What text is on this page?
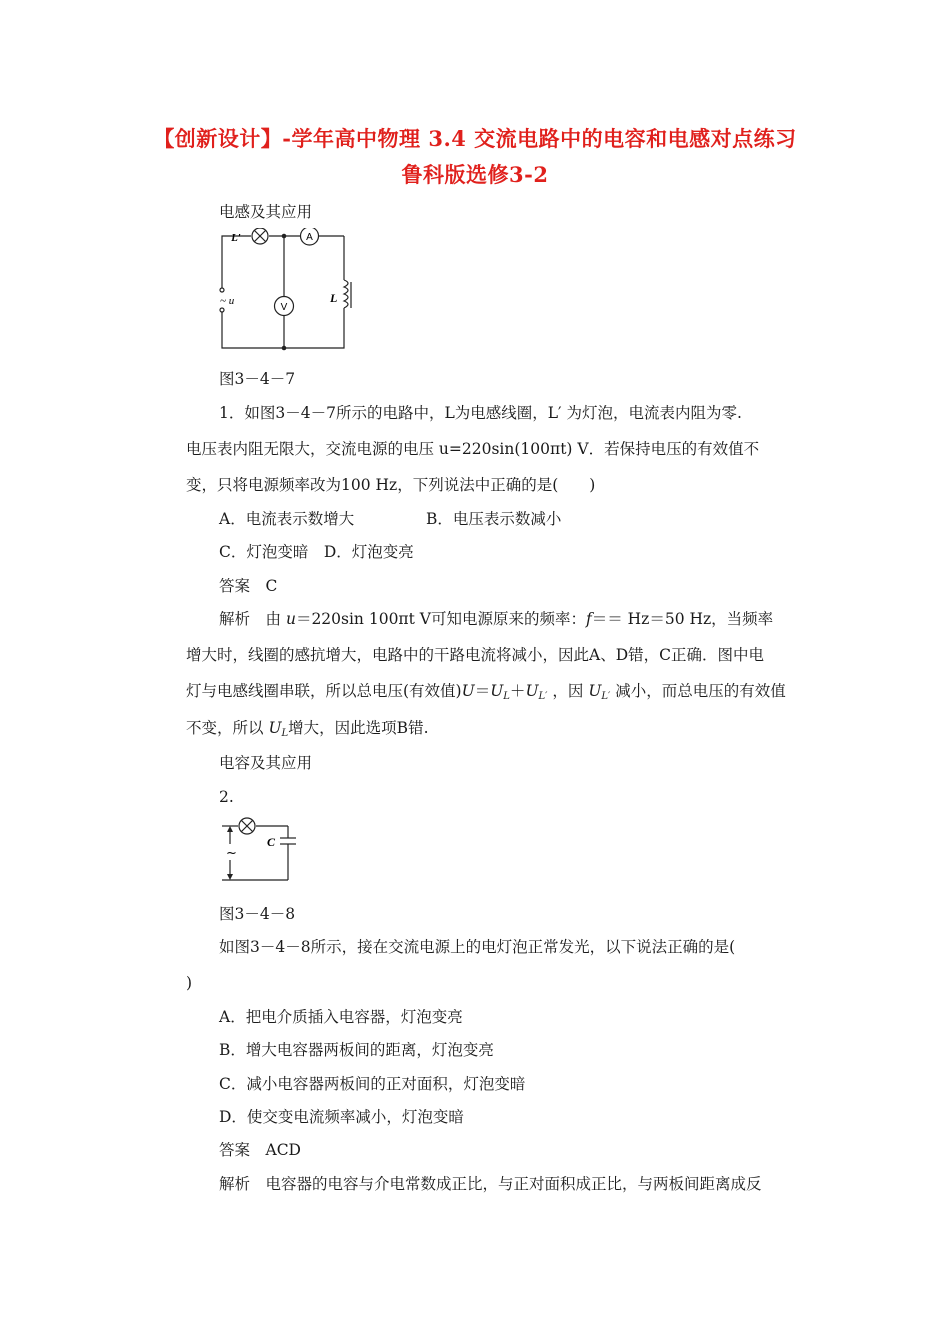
【创新设计】-学年高中物理 3.4 交流电路中的电容和电感对点练习
鲁科版选修3-2
电感及其应用
L′	A
V
~ u	L
图3－4－7
1．如图3－4－7所示的电路中，L为电感线圈，L′ 为灯泡，电流表内阻为零.
电压表内阻无限大，交流电源的电压 u=220sin(100πt) V．若保持电压的有效值不
变，只将电源频率改为100 Hz，下列说法中正确的是(　　)
A．电流表示数增大	B．电压表示数减小
C．灯泡变暗　D．灯泡变亮
答案　C
解析　由 u＝220sin 100πt V可知电源原来的频率：f＝＝ Hz＝50 Hz，当频率
增大时，线圈的感抗增大，电路中的干路电流将减小，因此A、D错，C正确．图中电
灯与电感线圈串联，所以总电压(有效值)$U=U_L+U_{L'}$ ，因 $U_{L'}$ 减小，而总电压的有效值
不变，所以 $U_L$增大，因此选项B错.
电容及其应用
2.
~
C
图3－4－8
如图3－4－8所示，接在交流电源上的电灯泡正常发光，以下说法正确的是(
)
A．把电介质插入电容器，灯泡变亮
B．增大电容器两板间的距离，灯泡变亮
C．减小电容器两板间的正对面积，灯泡变暗
D．使交变电流频率减小，灯泡变暗
答案　ACD
解析　电容器的电容与介电常数成正比，与正对面积成正比，与两板间距离成反
